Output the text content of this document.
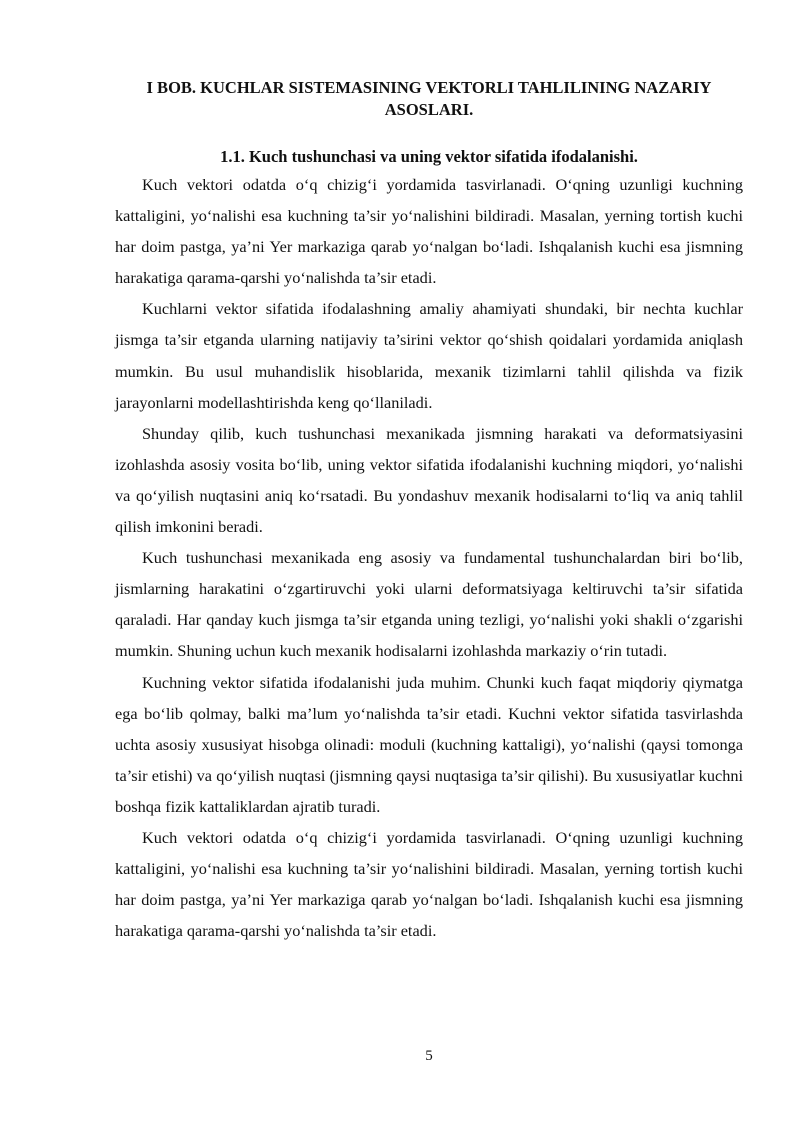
I BOB. KUCHLAR SISTEMASINING VEKTORLI TAHLILINING NAZARIY ASOSLARI.
1.1. Kuch tushunchasi va uning vektor sifatida ifodalanishi.

Kuch vektori odatda o‘q chizig‘i yordamida tasvirlanadi. O‘qning uzunligi kuchning kattaligini, yo‘nalishi esa kuchning ta’sir yo‘nalishini bildiradi. Masalan, yerning tortish kuchi har doim pastga, ya’ni Yer markaziga qarab yo‘nalgan bo‘ladi. Ishqalanish kuchi esa jismning harakatiga qarama-qarshi yo‘nalishda ta’sir etadi.

Kuchlarni vektor sifatida ifodalashning amaliy ahamiyati shundaki, bir nechta kuchlar jismga ta’sir etganda ularning natijaviy ta’sirini vektor qo‘shish qoidalari yordamida aniqlash mumkin. Bu usul muhandislik hisoblarida, mexanik tizimlarni tahlil qilishda va fizik jarayonlarni modellashtirishda keng qo‘llaniladi.

Shunday qilib, kuch tushunchasi mexanikada jismning harakati va deformatsiyasini izohlashda asosiy vosita bo‘lib, uning vektor sifatida ifodalanishi kuchning miqdori, yo‘nalishi va qo‘yilish nuqtasini aniq ko‘rsatadi. Bu yondashuv mexanik hodisalarni to‘liq va aniq tahlil qilish imkonini beradi.

Kuch tushunchasi mexanikada eng asosiy va fundamental tushunchalardan biri bo‘lib, jismlarning harakatini o‘zgartiruvchi yoki ularni deformatsiyaga keltiruvchi ta’sir sifatida qaraladi. Har qanday kuch jismga ta’sir etganda uning tezligi, yo‘nalishi yoki shakli o‘zgarishi mumkin. Shuning uchun kuch mexanik hodisalarni izohlashda markaziy o‘rin tutadi.

Kuchning vektor sifatida ifodalanishi juda muhim. Chunki kuch faqat miqdoriy qiymatga ega bo‘lib qolmay, balki ma’lum yo‘nalishda ta’sir etadi. Kuchni vektor sifatida tasvirlashda uchta asosiy xususiyat hisobga olinadi: moduli (kuchning kattaligi), yo‘nalishi (qaysi tomonga ta’sir etishi) va qo‘yilish nuqtasi (jismning qaysi nuqtasiga ta’sir qilishi). Bu xususiyatlar kuchni boshqa fizik kattaliklardan ajratib turadi.

Kuch vektori odatda o‘q chizig‘i yordamida tasvirlanadi. O‘qning uzunligi kuchning kattaligini, yo‘nalishi esa kuchning ta’sir yo‘nalishini bildiradi. Masalan, yerning tortish kuchi har doim pastga, ya’ni Yer markaziga qarab yo‘nalgan bo‘ladi. Ishqalanish kuchi esa jismning harakatiga qarama-qarshi yo‘nalishda ta’sir etadi.

5
